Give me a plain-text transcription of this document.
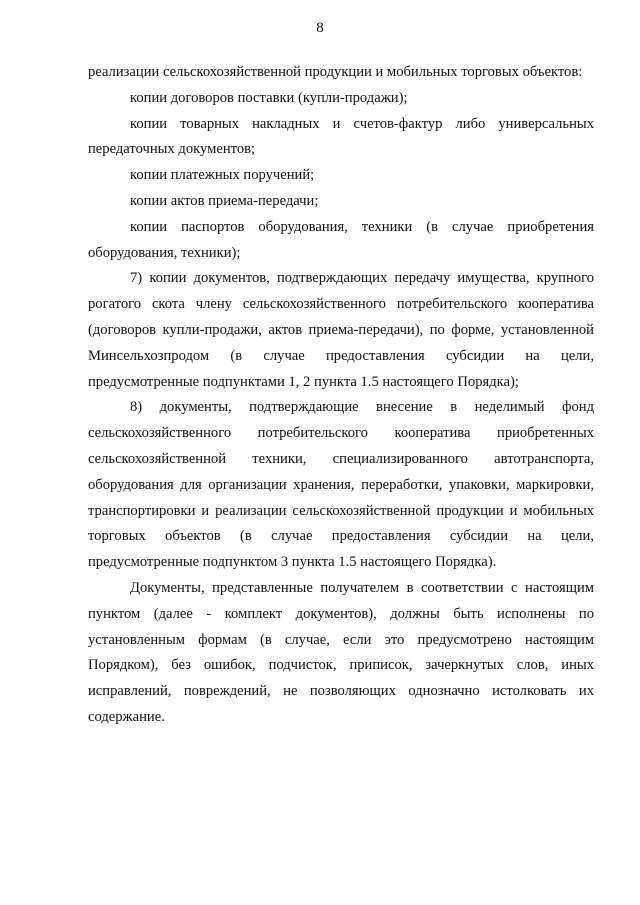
8

реализации сельскохозяйственной продукции и мобильных торговых объектов:

копии договоров поставки (купли-продажи);

копии товарных накладных и счетов-фактур либо универсальных передаточных документов;

копии платежных поручений;

копии актов приема-передачи;

копии паспортов оборудования, техники (в случае приобретения оборудования, техники);

7) копии документов, подтверждающих передачу имущества, крупного рогатого скота члену сельскохозяйственного потребительского кооператива (договоров купли-продажи, актов приема-передачи), по форме, установленной Минсельхозпродом (в случае предоставления субсидии на цели, предусмотренные подпунктами 1, 2 пункта 1.5 настоящего Порядка);

8) документы, подтверждающие внесение в неделимый фонд сельскохозяйственного потребительского кооператива приобретенных сельскохозяйственной техники, специализированного автотранспорта, оборудования для организации хранения, переработки, упаковки, маркировки, транспортировки и реализации сельскохозяйственной продукции и мобильных торговых объектов (в случае предоставления субсидии на цели, предусмотренные подпунктом 3 пункта 1.5 настоящего Порядка).

Документы, представленные получателем в соответствии с настоящим пунктом (далее - комплект документов), должны быть исполнены по установленным формам (в случае, если это предусмотрено настоящим Порядком), без ошибок, подчисток, приписок, зачеркнутых слов, иных исправлений, повреждений, не позволяющих однозначно истолковать их содержание.
